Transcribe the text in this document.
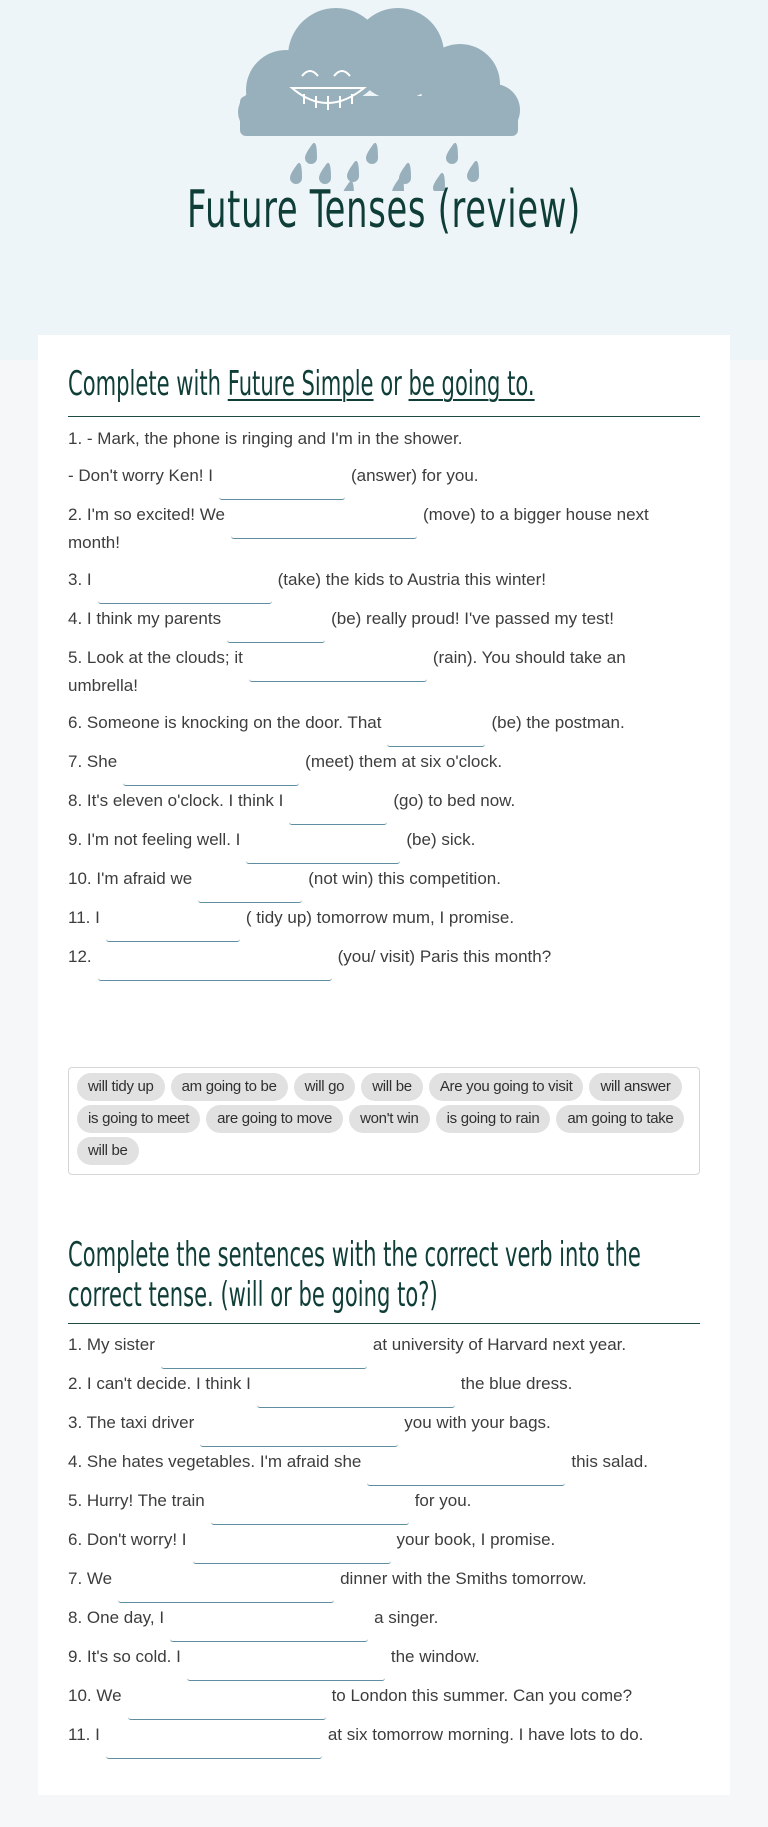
Future Tenses (review)
Complete with Future Simple or be going to.
1. - Mark, the phone is ringing and I'm in the shower.
- Don't worry Ken! I	(answer) for you.
2. I'm so excited! We	(move) to a bigger house next
month!
3. I	(take) the kids to Austria this winter!
4. I think my parents	(be) really proud! I've passed my test!
5. Look at the clouds; it	(rain). You should take an
umbrella!
6. Someone is knocking on the door. That	(be) the postman.
7. She	(meet) them at six o'clock.
8. It's eleven o'clock. I think I	(go) to bed now.
9. I'm not feeling well. I	(be) sick.
10. I'm afraid we	(not win) this competition.
11. I	( tidy up) tomorrow mum, I promise.
12.	(you/ visit) Paris this month?
will tidy up	am going to be	will go	will be	Are you going to visit	will answer
is going to meet	are going to move	won't win	is going to rain	am going to take
will be
Complete the sentences with the correct verb into the
correct tense. (will or be going to?)
1. My sister	at university of Harvard next year.
2. I can't decide. I think I	the blue dress.
3. The taxi driver	you with your bags.
4. She hates vegetables. I'm afraid she	this salad.
5. Hurry! The train	for you.
6. Don't worry! I	your book, I promise.
7. We	dinner with the Smiths tomorrow.
8. One day, I	a singer.
9. It's so cold. I	the window.
10. We	to London this summer. Can you come?
11. I	at six tomorrow morning. I have lots to do.
